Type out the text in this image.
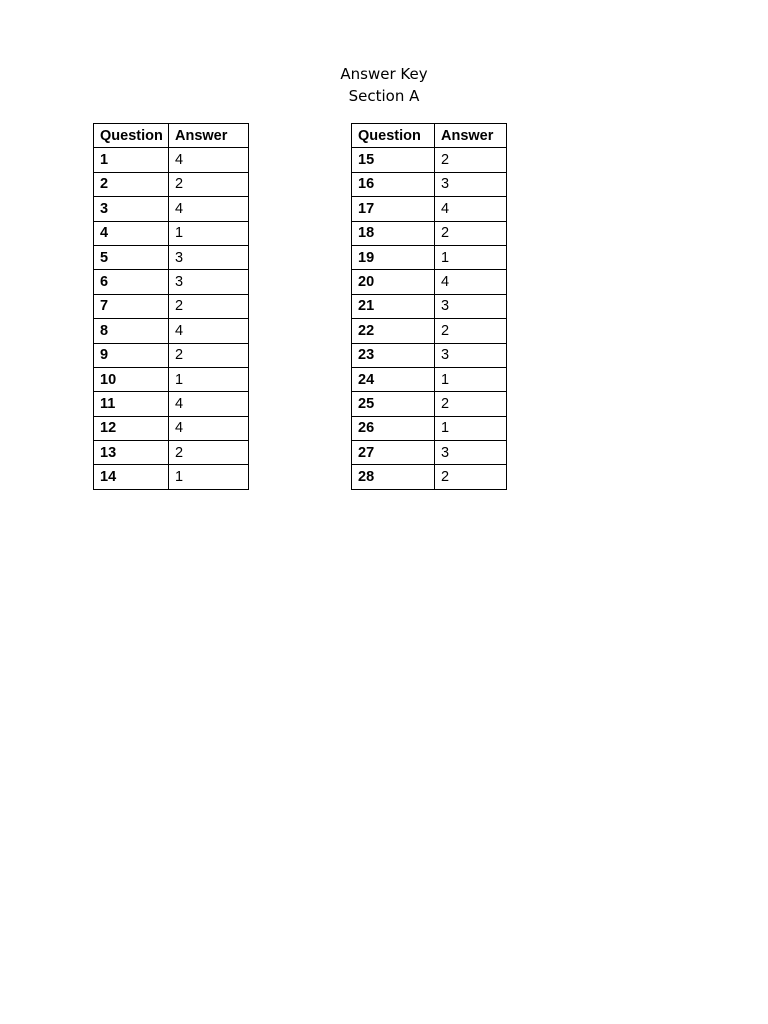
Answer Key
Section A
Question	Answer
1	4
2	2
3	4
4	1
5	3
6	3
7	2
8	4
9	2
10	1
11	4
12	4
13	2
14	1
Question	Answer
15	2
16	3
17	4
18	2
19	1
20	4
21	3
22	2
23	3
24	1
25	2
26	1
27	3
28	2
